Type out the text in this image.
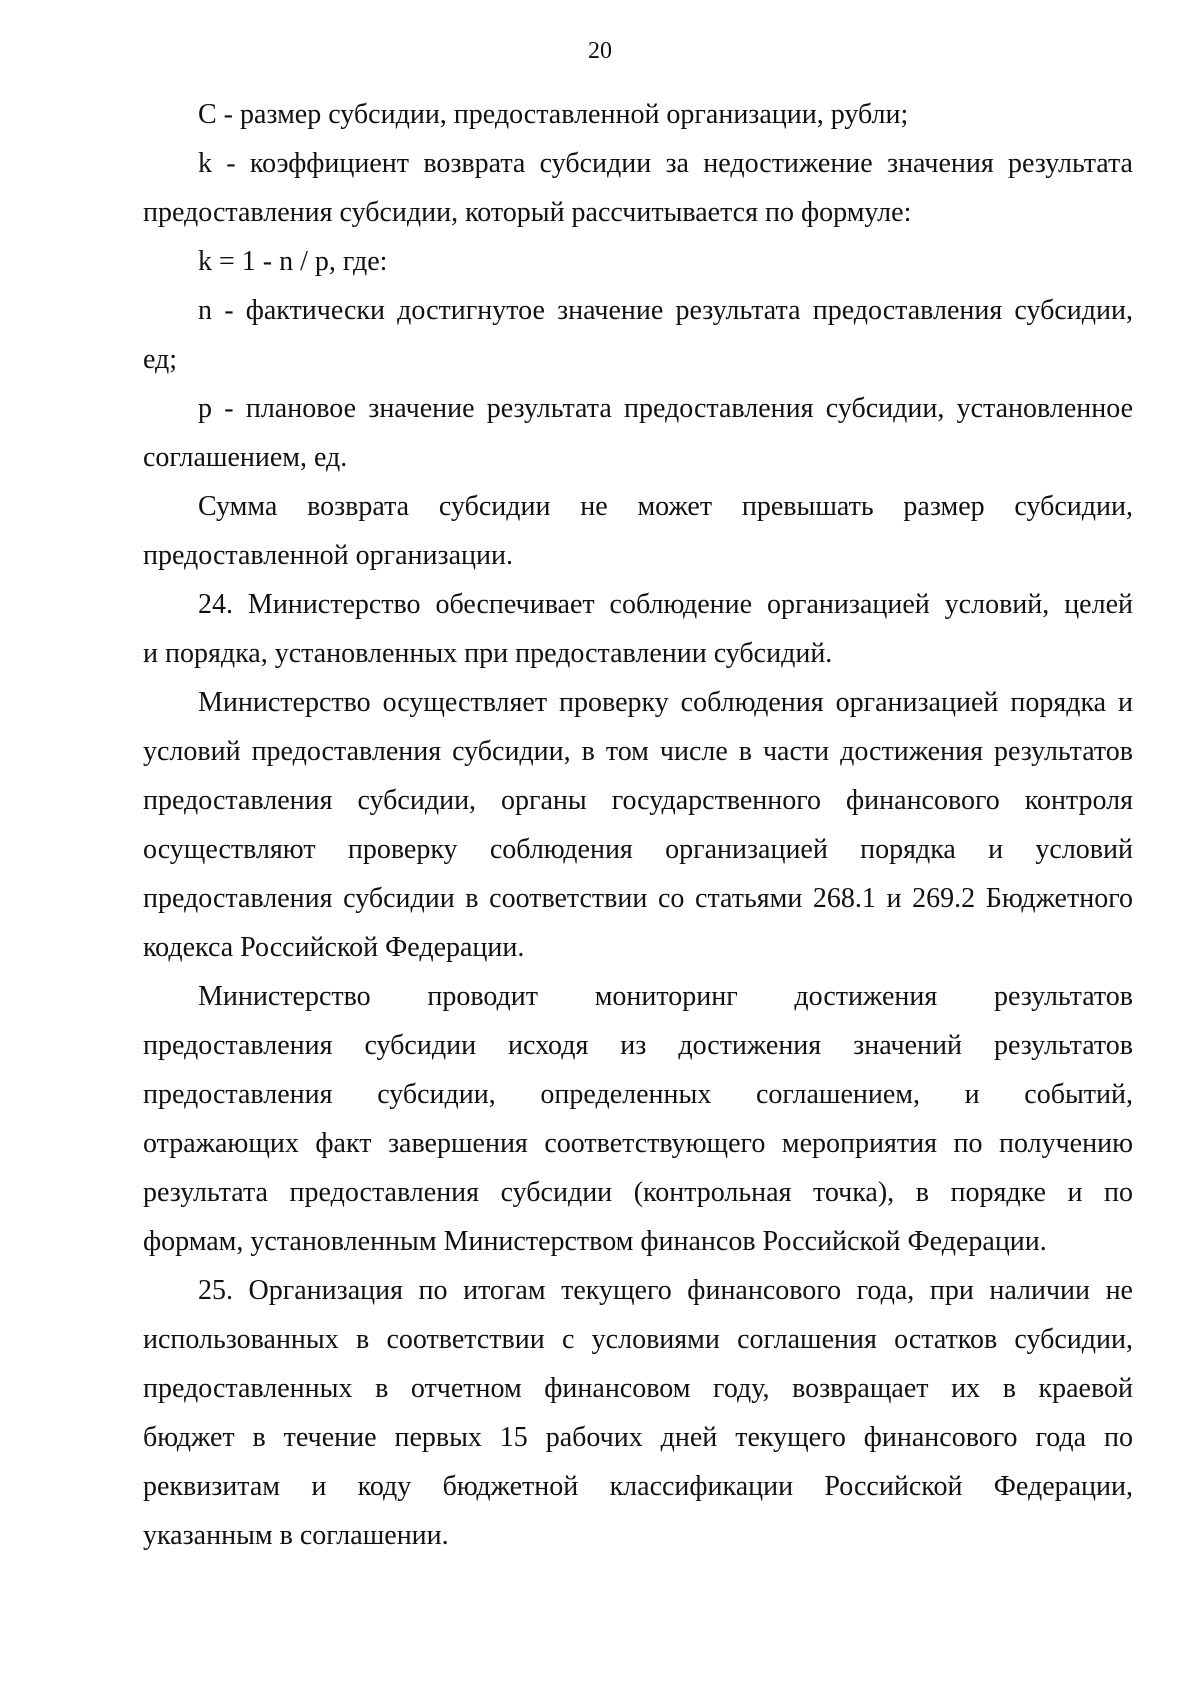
20

C - размер субсидии, предоставленной организации, рубли;

k - коэффициент возврата субсидии за недостижение значения результата
предоставления субсидии, который рассчитывается по формуле:

k = 1 - n / p, где:

n - фактически достигнутое значение результата предоставления субсидии,
ед;

p - плановое значение результата предоставления субсидии, установленное
соглашением, ед.

Сумма возврата субсидии не может превышать размер субсидии,
предоставленной организации.

24. Министерство обеспечивает соблюдение организацией условий, целей
и порядка, установленных при предоставлении субсидий.

Министерство осуществляет проверку соблюдения организацией порядка и
условий предоставления субсидии, в том числе в части достижения результатов
предоставления субсидии, органы государственного финансового контроля
осуществляют проверку соблюдения организацией порядка и условий
предоставления субсидии в соответствии со статьями 268.1 и 269.2 Бюджетного
кодекса Российской Федерации.

Министерство проводит мониторинг достижения результатов
предоставления субсидии исходя из достижения значений результатов
предоставления субсидии, определенных соглашением, и событий,
отражающих факт завершения соответствующего мероприятия по получению
результата предоставления субсидии (контрольная точка), в порядке и по
формам, установленным Министерством финансов Российской Федерации.

25. Организация по итогам текущего финансового года, при наличии не
использованных в соответствии с условиями соглашения остатков субсидии,
предоставленных в отчетном финансовом году, возвращает их в краевой
бюджет в течение первых 15 рабочих дней текущего финансового года по
реквизитам и коду бюджетной классификации Российской Федерации,
указанным в соглашении.
